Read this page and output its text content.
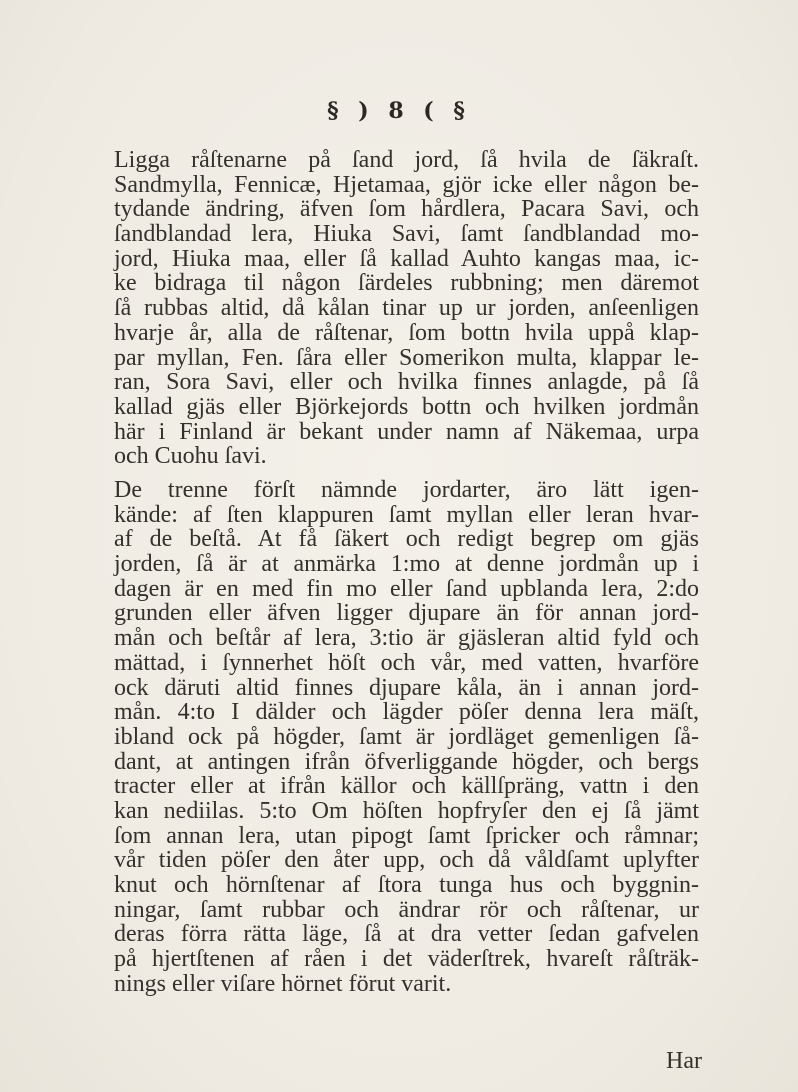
§ ) 8 ( §
Ligga råſtenarne på ſand jord, ſå hvila de ſäkraſt.
Sandmylla, Fennicæ, Hjetamaa, gjör icke eller någon be-
tydande ändring, äfven ſom hårdlera, Pacara Savi, och
ſandblandad lera, Hiuka Savi, ſamt ſandblandad mo-
jord, Hiuka maa, eller ſå kallad Auhto kangas maa, ic-
ke bidraga til någon ſärdeles rubbning; men däremot
ſå rubbas altid, då kålan tinar up ur jorden, anſeenligen
hvarje år, alla de råſtenar, ſom bottn hvila uppå klap-
par myllan, Fen. ſåra eller Somerikon multa, klappar le-
ran, Sora Savi, eller och hvilka finnes anlagde, på ſå
kallad gjäs eller Björkejords bottn och hvilken jordmån
här i Finland är bekant under namn af Näkemaa, urpa
och Cuohu ſavi.
De trenne förſt nämnde jordarter, äro lätt igen-
kände: af ſten klappuren ſamt myllan eller leran hvar-
af de beſtå. At få ſäkert och redigt begrep om gjäs
jorden, ſå är at anmärka 1:mo at denne jordmån up i
dagen är en med fin mo eller ſand upblanda lera, 2:do
grunden eller äfven ligger djupare än för annan jord-
mån och beſtår af lera, 3:tio är gjäsleran altid fyld och
mättad, i ſynnerhet höſt och vår, med vatten, hvarföre
ock däruti altid finnes djupare kåla, än i annan jord-
mån. 4:to I dälder och lägder pöſer denna lera mäſt,
ibland ock på högder, ſamt är jordläget gemenligen ſå-
dant, at antingen ifrån öfverliggande högder, och bergs
tracter eller at ifrån källor och källſpräng, vattn i den
kan nediilas. 5:to Om höſten hopfryſer den ej ſå jämt
ſom annan lera, utan pipogt ſamt ſpricker och råmnar;
vår tiden pöſer den åter upp, och då våldſamt uplyfter
knut och hörnſtenar af ſtora tunga hus och byggnin-
ningar, ſamt rubbar och ändrar rör och råſtenar, ur
deras förra rätta läge, ſå at dra vetter ſedan gafvelen
på hjertſtenen af råen i det väderſtrek, hvareſt råſträk-
nings eller viſare hörnet förut varit.
Har
